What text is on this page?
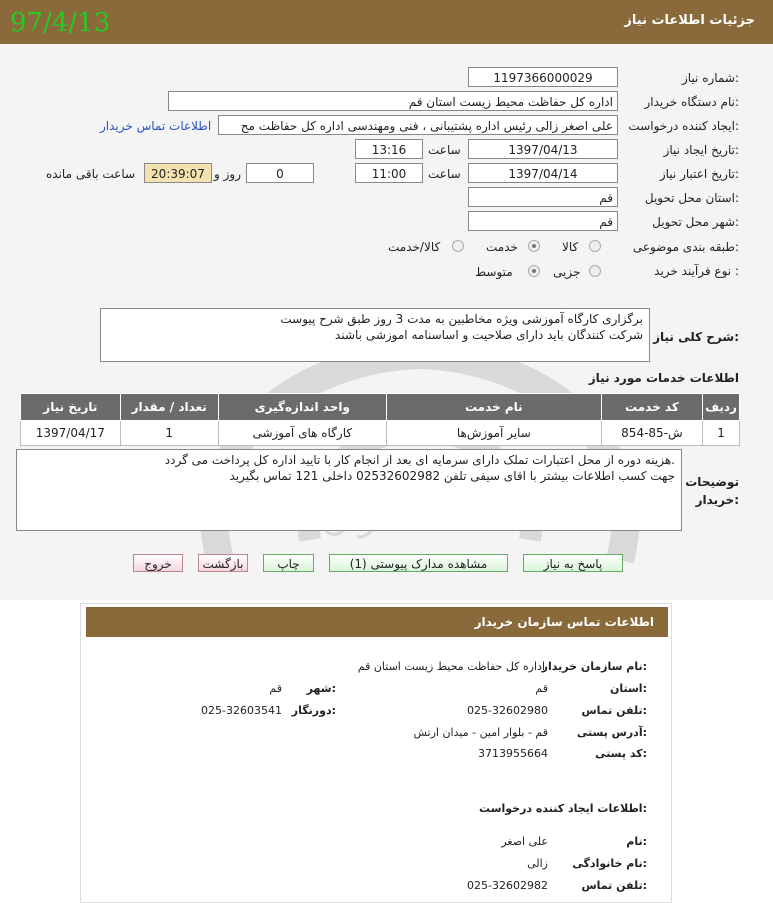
جزئیات اطلاعات نیاز
97/4/13
شماره نیاز:
1197366000029
نام دستگاه خریدار:
اداره کل حفاظت محیط زیست استان قم
ایجاد کننده درخواست:
علی اصغر زالی رئیس اداره پشتیبانی ، فنی ومهندسی اداره کل حفاظت مح
اطلاعات تماس خریدار
تاریخ ایجاد نیاز:
1397/04/13
ساعت
13:16
تاریخ اعتبار نیاز:
1397/04/14
ساعت
11:00
0
روز و
20:39:07
ساعت باقی مانده
استان محل تحویل:
قم
شهر محل تحویل:
قم
طبقه بندی موضوعی:
کالا
خدمت
کالا/خدمت
نوع فرآیند خرید :
جزیی
متوسط
شرح کلی نیاز:
برگزاری کارگاه آموزشی ویژه مخاطبین به مدت 3 روز طبق شرح پیوست
شرکت کنندگان باید دارای صلاحیت و اساسنامه اموزشی باشند
اطلاعات خدمات مورد نیاز
تاریخ نیاز	تعداد / مقدار	واحد اندازه‌گیری	نام خدمت	کد خدمت	ردیف
1397/04/17	1	کارگاه های آموزشی	سایر آموزش‌ها	ش-85-854	1
توضیحات خریدار:
هزینه دوره از محل اعتبارات تملک دارای سرمایه ای بعد از انجام کار با تایید اداره کل پرداخت می گردد.
جهت کسب اطلاعات بیشتر با اقای سیفی تلفن 02532602982 داخلی 121 تماس بگیرید
پاسخ به نیاز
مشاهده مدارک پیوستی (1)
چاپ
بازگشت
خروج
اطلاعات تماس سازمان خریدار
نام سازمان خریدار:
اداره کل حفاظت محیط زیست استان قم
استان:
قم
شهر:
قم
تلفن تماس:
025-32602980
دورنگار:
025-32603541
آدرس پستی:
قم - بلوار امین - میدان ارتش
کد پستی:
3713955664
اطلاعات ایجاد کننده درخواست:
نام:
علی اصغر
نام خانوادگی:
زالی
تلفن تماس:
025-32602982
